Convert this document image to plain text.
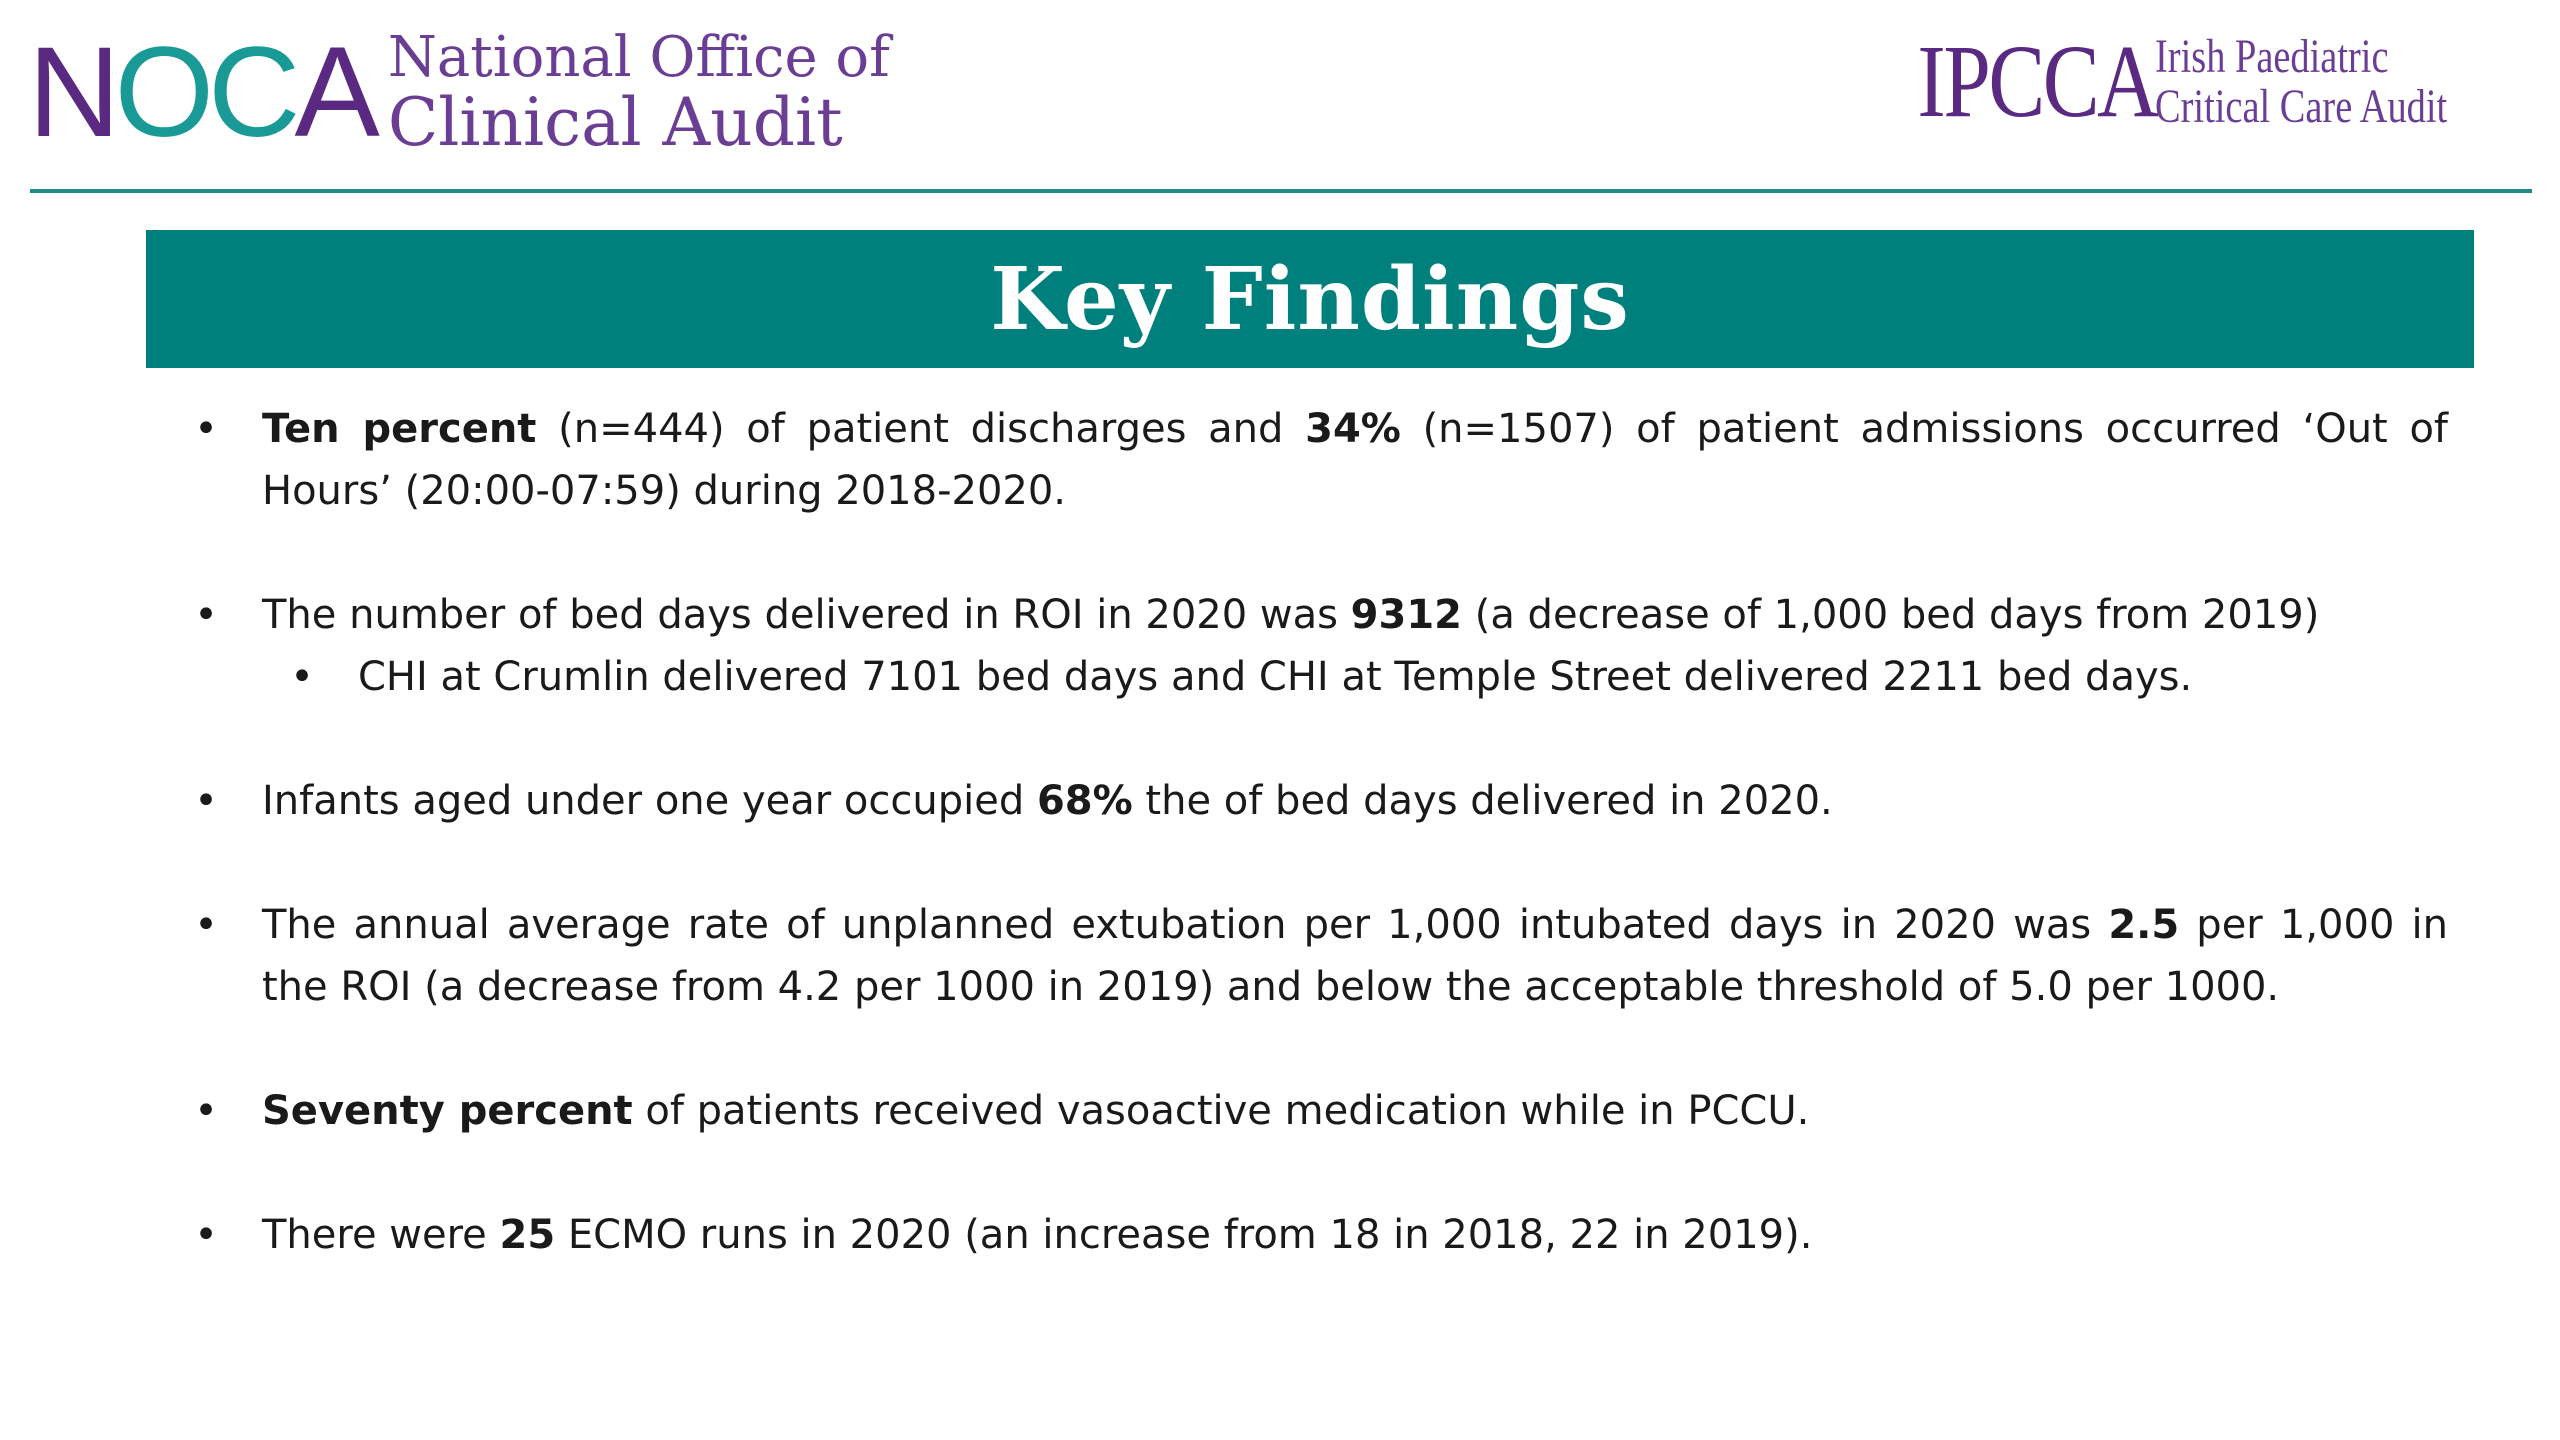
N OC A National Office of
Clinical Audit	IPCCA
Irish Paediatric
Critical Care Audit
Key Findings
• Ten percent (n=444) of patient discharges and 34% (n=1507) of patient admissions occurred ‘Out of Hours’ (20:00-07:59) during 2018-2020.
• The number of bed days delivered in ROI in 2020 was 9312 (a decrease of 1,000 bed days from 2019)
• CHI at Crumlin delivered 7101 bed days and CHI at Temple Street delivered 2211 bed days.
• Infants aged under one year occupied 68% the of bed days delivered in 2020.
• The annual average rate of unplanned extubation per 1,000 intubated days in 2020 was 2.5 per 1,000 in the ROI (a decrease from 4.2 per 1000 in 2019) and below the acceptable threshold of 5.0 per 1000.
• Seventy percent of patients received vasoactive medication while in PCCU.
• There were 25 ECMO runs in 2020 (an increase from 18 in 2018, 22 in 2019).
